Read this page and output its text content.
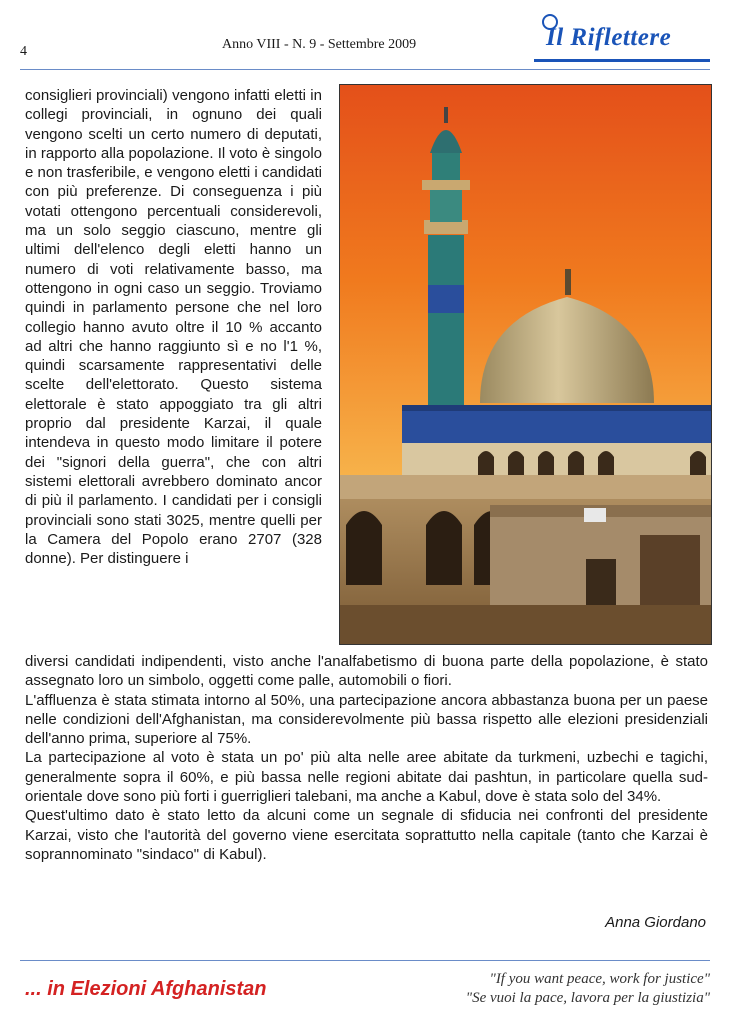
4	Anno VIII - N. 9 - Settembre 2009	Il Riflettere

consiglieri provinciali) vengono infatti eletti in collegi provinciali, in ognuno dei quali vengono scelti un certo numero di deputati, in rapporto alla popolazione. Il voto è singolo e non trasferibile, e vengono eletti i candidati con più preferenze. Di conseguenza i più votati ottengono percentuali considerevoli, ma un solo seggio ciascuno, mentre gli ultimi dell'elenco degli eletti hanno un numero di voti relativamente basso, ma ottengono in ogni caso un seggio. Troviamo quindi in parlamento persone che nel loro collegio hanno avuto oltre il 10 % accanto ad altri che hanno raggiunto sì e no l'1 %, quindi scarsamente rappresentativi delle scelte dell'elettorato. Questo sistema elettorale è stato appoggiato tra gli altri proprio dal presidente Karzai, il quale intendeva in questo modo limitare il potere dei "signori della guerra", che con altri sistemi elettorali avrebbero dominato ancor di più il parlamento. I candidati per i consigli provinciali sono stati 3025, mentre quelli per la Camera del Popolo erano 2707 (328 donne). Per distinguere i

diversi candidati indipendenti, visto anche l'analfabetismo di buona parte della popolazione, è stato assegnato loro un simbolo, oggetti come palle, automobili o fiori.

L'affluenza è stata stimata intorno al 50%, una partecipazione ancora abbastanza buona per un paese nelle condizioni dell'Afghanistan, ma considerevolmente più bassa rispetto alle elezioni presidenziali dell'anno prima, superiore al 75%.

La partecipazione al voto è stata un po' più alta nelle aree abitate da turkmeni, uzbechi e tagichi, generalmente sopra il 60%, e più bassa nelle regioni abitate dai pashtun, in particolare quella sud-orientale dove sono più forti i guerriglieri talebani, ma anche a Kabul, dove è stata solo del 34%.

Quest'ultimo dato è stato letto da alcuni come un segnale di sfiducia nei confronti del presidente Karzai, visto che l'autorità del governo viene esercitata soprattutto nella capitale (tanto che Karzai è soprannominato "sindaco" di Kabul).

Anna Giordano
... in Elezioni Afghanistan	"If you want peace, work for justice"
"Se vuoi la pace, lavora per la giustizia"
